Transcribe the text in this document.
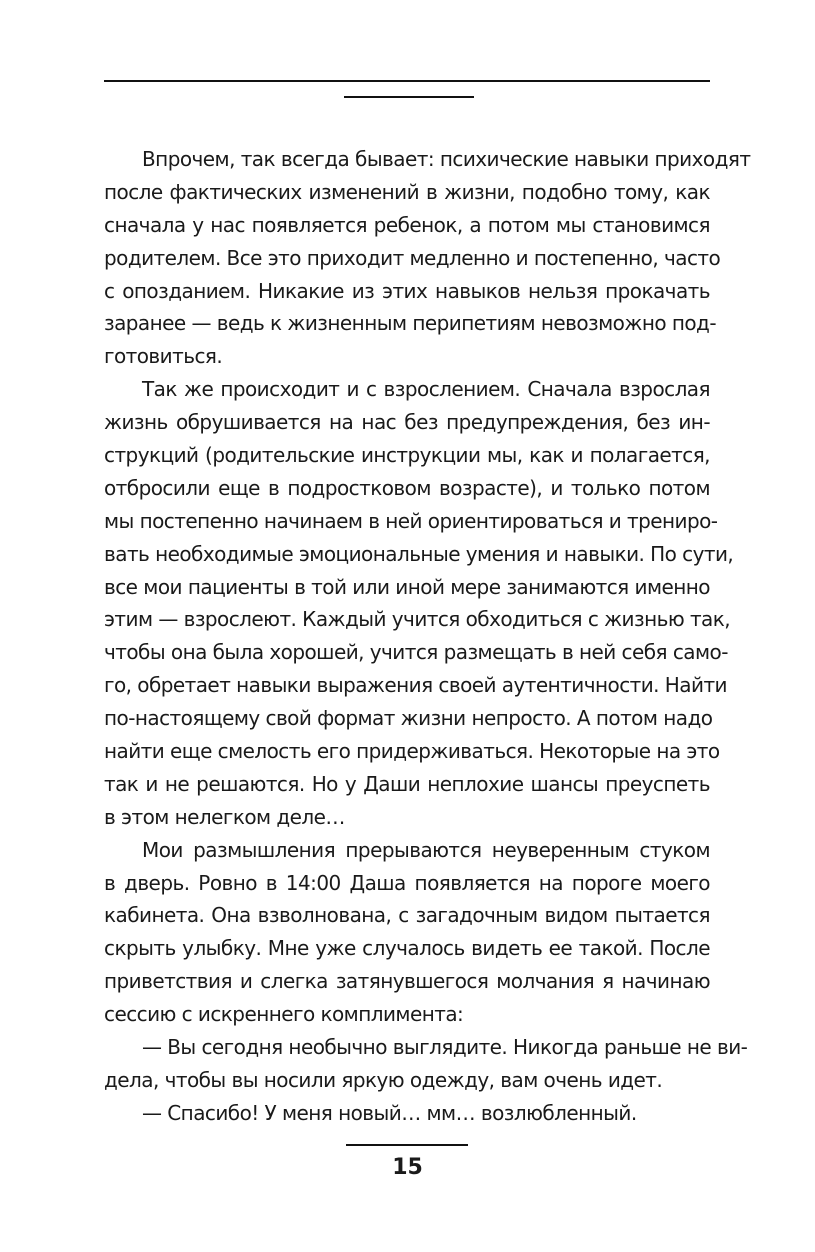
Впрочем, так всегда бывает: психические навыки приходят
после фактических изменений в жизни, подобно тому, как
сначала у нас появляется ребенок, а потом мы становимся
родителем. Все это приходит медленно и постепенно, часто
с опозданием. Никакие из этих навыков нельзя прокачать
заранее — ведь к жизненным перипетиям невозможно под-
готовиться.
Так же происходит и с взрослением. Сначала взрослая
жизнь обрушивается на нас без предупреждения, без ин-
струкций (родительские инструкции мы, как и полагается,
отбросили еще в подростковом возрасте), и только потом
мы постепенно начинаем в ней ориентироваться и трениро-
вать необходимые эмоциональные умения и навыки. По сути,
все мои пациенты в той или иной мере занимаются именно
этим — взрослеют. Каждый учится обходиться с жизнью так,
чтобы она была хорошей, учится размещать в ней себя само-
го, обретает навыки выражения своей аутентичности. Найти
по-настоящему свой формат жизни непросто. А потом надо
найти еще смелость его придерживаться. Некоторые на это
так и не решаются. Но у Даши неплохие шансы преуспеть
в этом нелегком деле…
Мои размышления прерываются неуверенным стуком
в дверь. Ровно в 14:00 Даша появляется на пороге моего
кабинета. Она взволнована, с загадочным видом пытается
скрыть улыбку. Мне уже случалось видеть ее такой. После
приветствия и слегка затянувшегося молчания я начинаю
сессию с искреннего комплимента:
— Вы сегодня необычно выглядите. Никогда раньше не ви-
дела, чтобы вы носили яркую одежду, вам очень идет.
— Спасибо! У меня новый… мм… возлюбленный.
15
